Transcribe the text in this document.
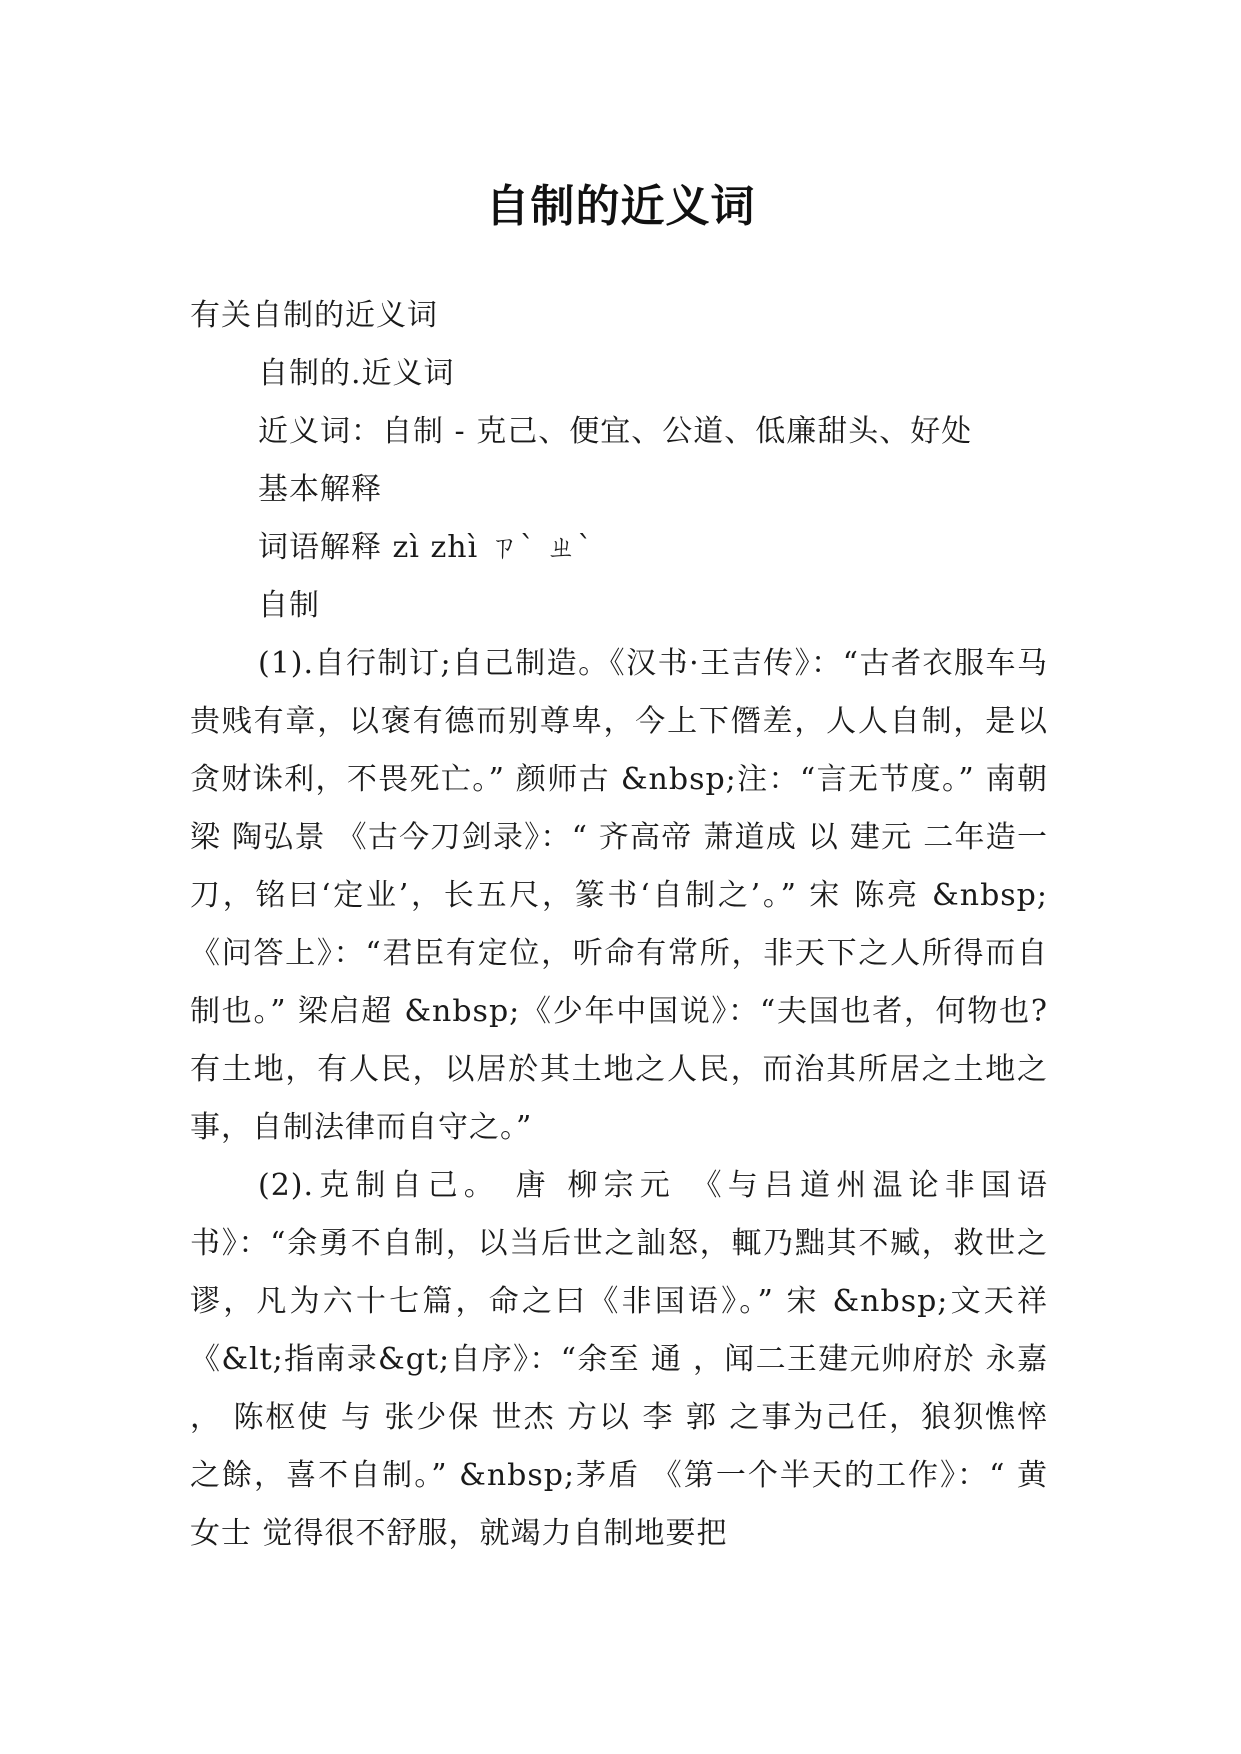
自制的近义词

有关自制的近义词

自制的.近义词

近义词：自制 - 克己、便宜、公道、低廉甜头、好处

基本解释

词语解释 zì zhì ㄗˋ ㄓˋ

自制

(1).自行制订;自己制造。《汉书·王吉传》：“古者衣服车马贵贱有章，以褒有德而别尊卑，今上下僭差，人人自制，是以贪财诛利，不畏死亡。” 颜师古 &nbsp;注：“言无节度。” 南朝 梁 陶弘景 《古今刀剑录》：“ 齐高帝 萧道成 以 建元 二年造一刀，铭曰‘定业’，长五尺，篆书‘自制之’。” 宋 陈亮 &nbsp;《问答上》：“君臣有定位，听命有常所，非天下之人所得而自制也。” 梁启超 &nbsp;《少年中国说》：“夫国也者，何物也?有土地，有人民，以居於其土地之人民，而治其所居之土地之事，自制法律而自守之。”

(2).克制自己。 唐 柳宗元 《与吕道州温论非国语书》：“余勇不自制，以当后世之訕怒，輒乃黜其不臧，救世之谬，凡为六十七篇，命之曰《非国语》。” 宋 &nbsp;文天祥 《&lt;指南录&gt;自序》：“余至 通 ，闻二王建元帅府於 永嘉 ， 陈枢使 与 张少保 世杰 方以 李 郭 之事为己任，狼狈憔悴之餘，喜不自制。” &nbsp;茅盾 《第一个半天的工作》：“ 黄女士 觉得很不舒服，就竭力自制地要把
